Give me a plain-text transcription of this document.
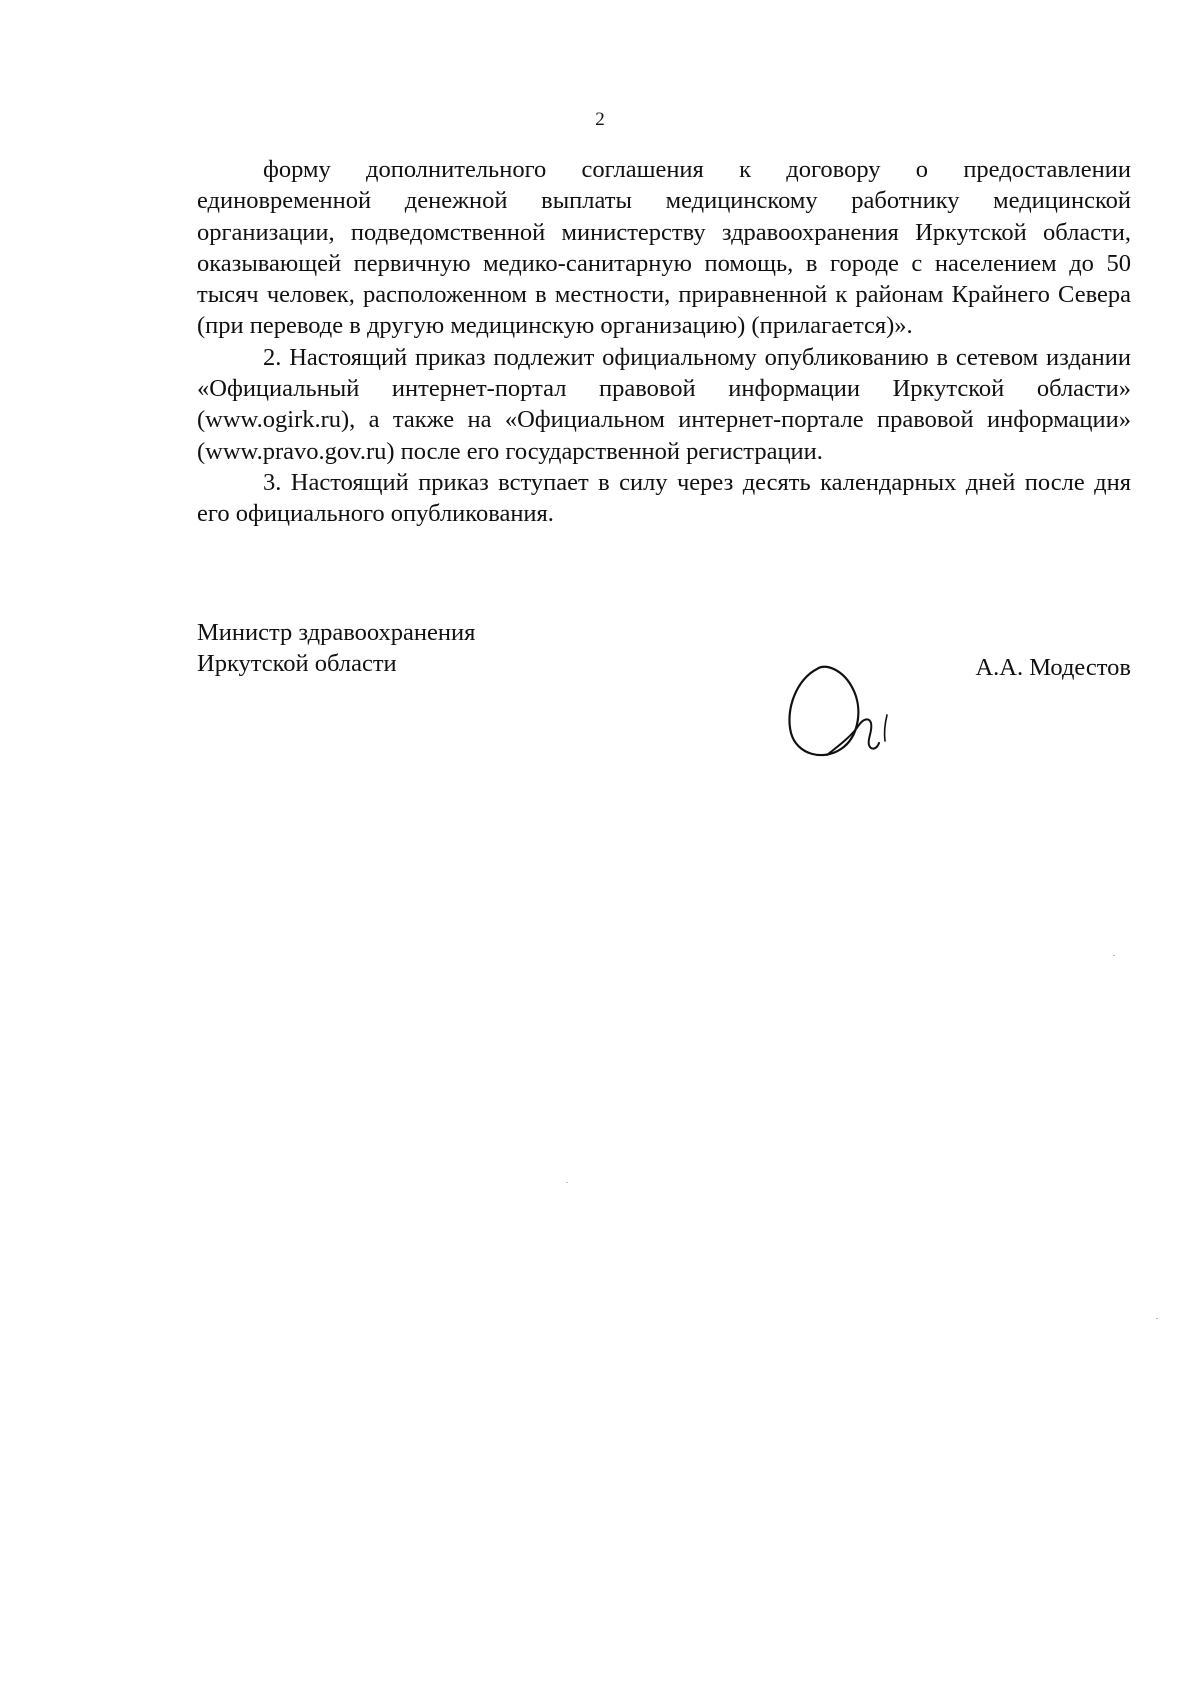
2

форму дополнительного соглашения к договору о предоставлении единовременной денежной выплаты медицинскому работнику медицинской организации, подведомственной министерству здравоохранения Иркутской области, оказывающей первичную медико-санитарную помощь, в городе с населением до 50 тысяч человек, расположенном в местности, приравненной к районам Крайнего Севера (при переводе в другую медицинскую организацию) (прилагается)».

2. Настоящий приказ подлежит официальному опубликованию в сетевом издании «Официальный интернет-портал правовой информации Иркутской области» (www.ogirk.ru), а также на «Официальном интернет-портале правовой информации» (www.pravo.gov.ru) после его государственной регистрации.

3. Настоящий приказ вступает в силу через десять календарных дней после дня его официального опубликования.

Министр здравоохранения
Иркутской области	А.А. Модестов
